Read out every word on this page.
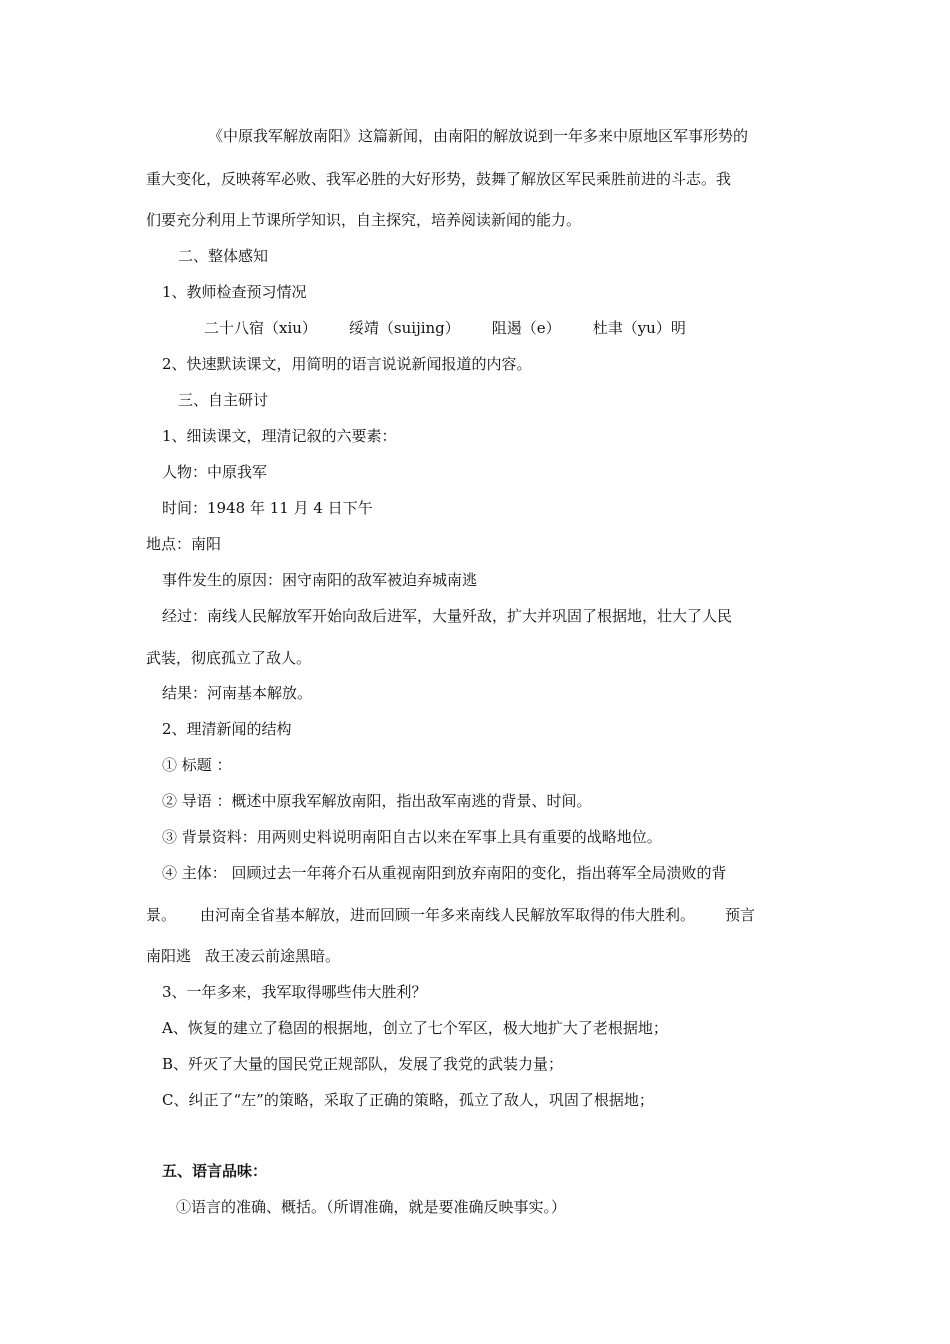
《中原我军解放南阳》这篇新闻，由南阳的解放说到一年多来中原地区军事形势的
重大变化，反映蒋军必败、我军必胜的大好形势，鼓舞了解放区军民乘胜前进的斗志。我
们要充分利用上节课所学知识，自主探究，培养阅读新闻的能力。
二、整体感知
1、教师检查预习情况
二十八宿（xiu） 绥靖（suijing） 阻遏（e） 杜聿（yu）明
2、快速默读课文，用简明的语言说说新闻报道的内容。
三、自主研讨
1、细读课文，理清记叙的六要素：
人物：中原我军
时间：1948 年 11 月 4 日下午
地点：南阳
事件发生的原因：困守南阳的敌军被迫弃城南逃
经过：南线人民解放军开始向敌后进军，大量歼敌，扩大并巩固了根据地，壮大了人民
武装，彻底孤立了敌人。
结果：河南基本解放。
2、理清新闻的结构
① 标题 ：
② 导语 ：概述中原我军解放南阳，指出敌军南逃的背景、时间。
③ 背景资料：用两则史料说明南阳自古以来在军事上具有重要的战略地位。
④ 主体： 回顾过去一年蒋介石从重视南阳到放弃南阳的变化，指出蒋军全局溃败的背
景。 由河南全省基本解放，进而回顾一年多来南线人民解放军取得的伟大胜利。 预言
南阳逃 敌王凌云前途黑暗。
3、一年多来，我军取得哪些伟大胜利？
A、恢复的建立了稳固的根据地，创立了七个军区，极大地扩大了老根据地；
B、歼灭了大量的国民党正规部队，发展了我党的武装力量；
C、纠正了“左”的策略，采取了正确的策略，孤立了敌人，巩固了根据地；
五、语言品味：
①语言的准确、概括。（所谓准确，就是要准确反映事实。）
